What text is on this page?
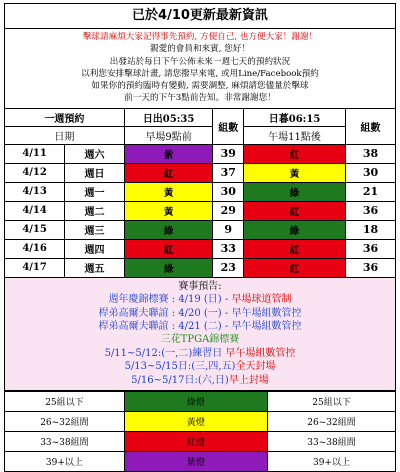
已於4/10更新最新資訊
擊球請麻煩大家記得事先預約, 方便自己, 也方便大家！謝謝！
親愛的會員和來賓, 您好！
出發站於每日下午公佈未來一週七天的預約狀況
以利您安排擊球計畫, 請您撥早來電, 或用Line/Facebook預約
如果你的預約臨時有變動, 需要調整, 麻煩請您儘量於擊球
前一天的下午3點前告知。非常謝謝您！
一週預約		日出05:35	組數	日暮06:15	組數
日期		早場9點前		午場11點後	
4/11	週六	紫	39	紅	38
4/12	週日	紅	37	黃	30
4/13	週一	黃	30	綠	21
4/14	週二	黃	29	紅	36
4/15	週三	綠	9	綠	18
4/16	週四	紅	33	紅	36
4/17	週五	綠	23	紅	36
賽事預告:
週年慶錦標賽 : 4/19 (日) - 早場球道管制
桿弟高爾夫聯誼 : 4/20 (一) - 早午場組數管控
桿弟高爾夫聯誼 : 4/21 (二) - 早午場組數管控
三花TPGA錦標賽
5/11~5/12:(一,二)練習日 早午場組數管控
5/13~5/15日:(三,四,五)全天封場
5/16~5/17日:(六,日)早上封場
25組以下	綠燈	25組以下
26~32組間	黃燈	26~32組間
33~38組間	紅燈	33~38組間
39+以上	紫燈	39+以上
